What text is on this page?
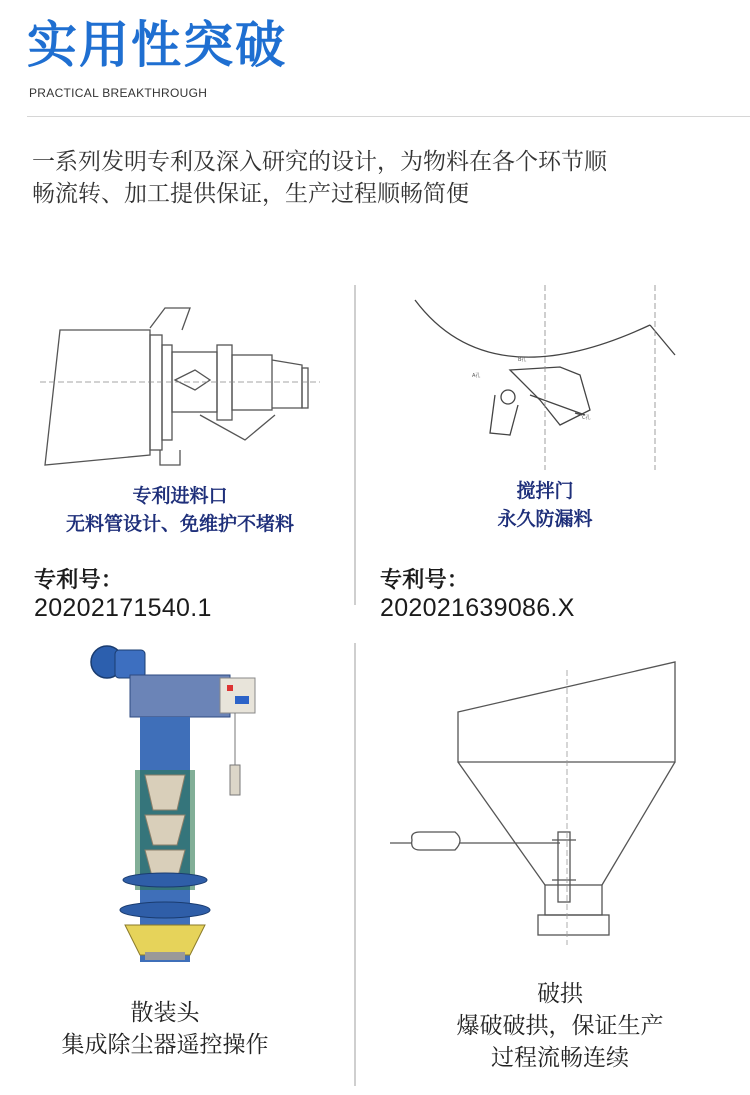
实用性突破
PRACTICAL BREAKTHROUGH
一系列发明专利及深入研究的设计，为物料在各个环节顺
畅流转、加工提供保证，生产过程顺畅简便
专利进料口
无料管设计、免维护不堵料
专利号：20202171540.1
A孔
B孔
C孔
搅拌门
永久防漏料
专利号：202021639086.X
散装头
集成除尘器遥控操作
破拱
爆破破拱，保证生产
过程流畅连续
